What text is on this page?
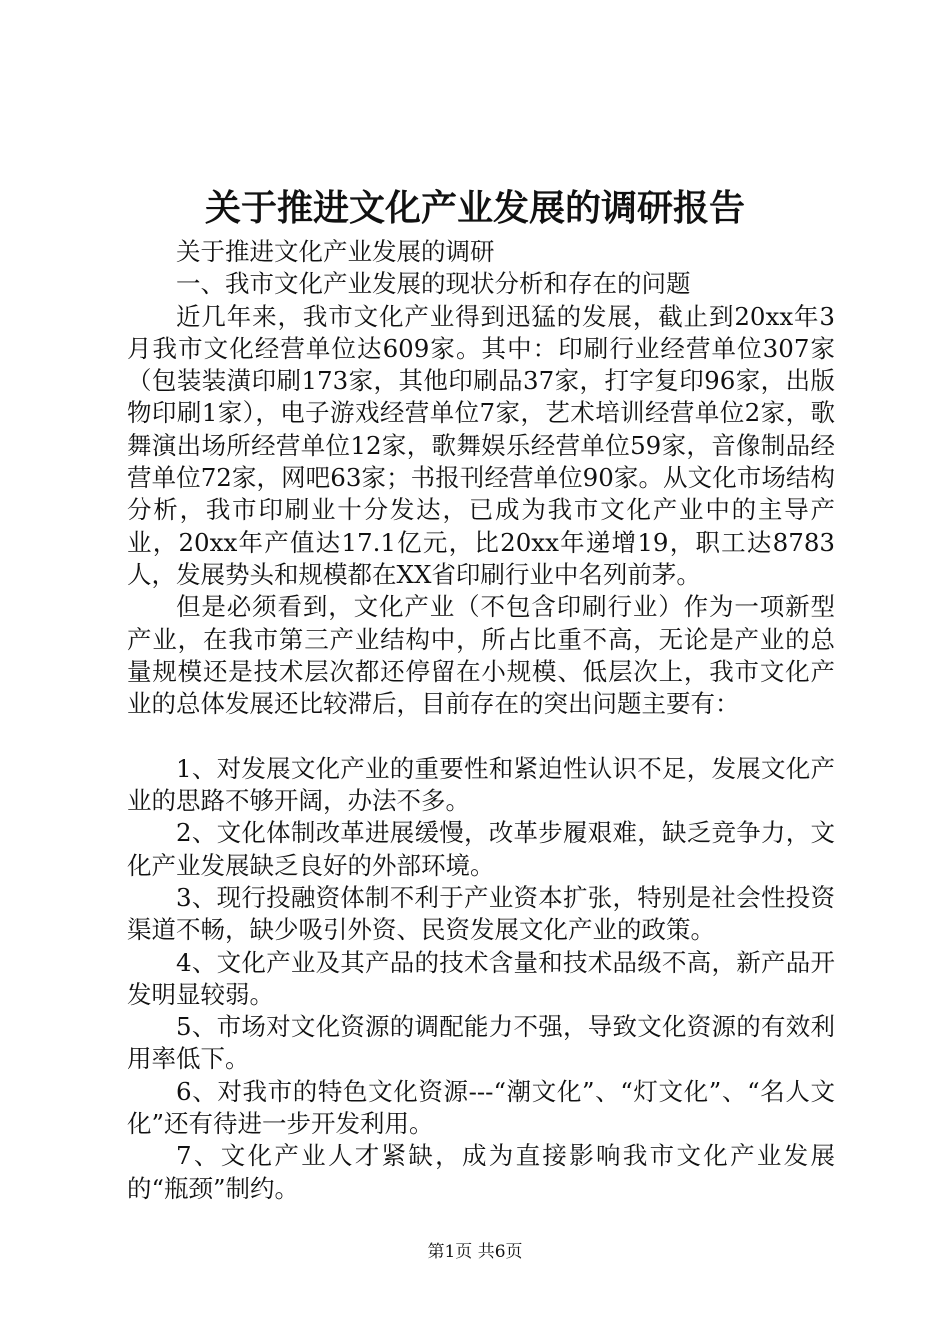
关于推进文化产业发展的调研报告

关于推进文化产业发展的调研

一、我市文化产业发展的现状分析和存在的问题

近几年来，我市文化产业得到迅猛的发展，截止到20xx年3月我市文化经营单位达609家。其中：印刷行业经营单位307家（包装装潢印刷173家，其他印刷品37家，打字复印96家，出版物印刷1家），电子游戏经营单位7家，艺术培训经营单位2家，歌舞演出场所经营单位12家，歌舞娱乐经营单位59家，音像制品经营单位72家，网吧63家；书报刊经营单位90家。从文化市场结构分析，我市印刷业十分发达，已成为我市文化产业中的主导产业，20xx年产值达17.1亿元，比20xx年递增19，职工达8783人，发展势头和规模都在XX省印刷行业中名列前茅。

但是必须看到，文化产业（不包含印刷行业）作为一项新型产业，在我市第三产业结构中，所占比重不高，无论是产业的总量规模还是技术层次都还停留在小规模、低层次上，我市文化产业的总体发展还比较滞后，目前存在的突出问题主要有：

1、对发展文化产业的重要性和紧迫性认识不足，发展文化产业的思路不够开阔，办法不多。

2、文化体制改革进展缓慢，改革步履艰难，缺乏竞争力，文化产业发展缺乏良好的外部环境。

3、现行投融资体制不利于产业资本扩张，特别是社会性投资渠道不畅，缺少吸引外资、民资发展文化产业的政策。

4、文化产业及其产品的技术含量和技术品级不高，新产品开发明显较弱。

5、市场对文化资源的调配能力不强，导致文化资源的有效利用率低下。

6、对我市的特色文化资源---“潮文化”、“灯文化”、“名人文化”还有待进一步开发利用。

7、文化产业人才紧缺，成为直接影响我市文化产业发展的“瓶颈”制约。

第1页 共6页
